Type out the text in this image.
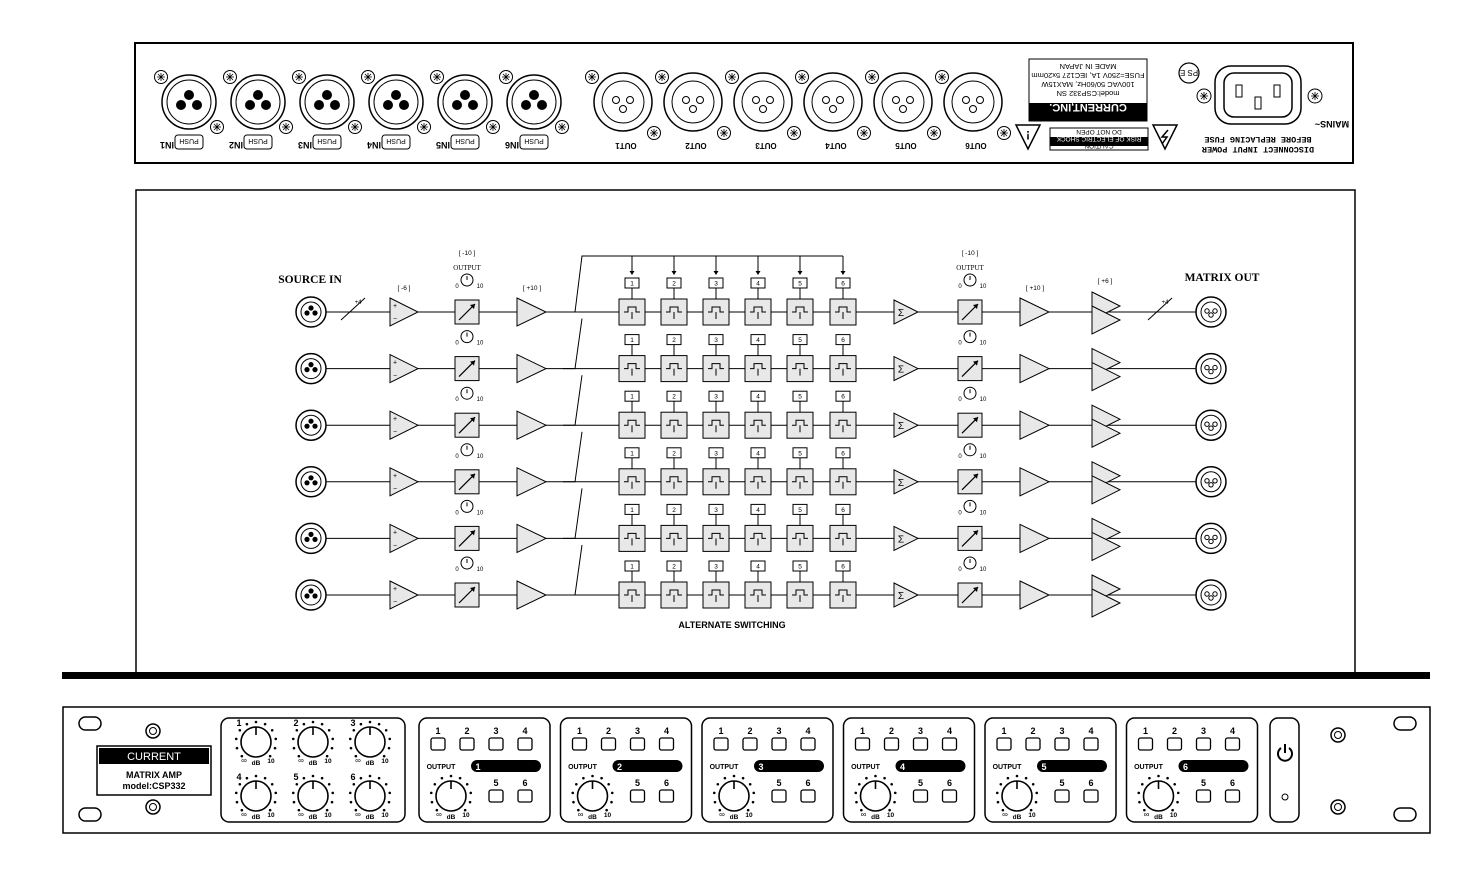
PUSH
IN1	PUSH
IN2	PUSH
IN3	PUSH
IN4	PUSH
IN5	PUSH
IN6	OUT1	OUT2	OUT3	OUT4	OUT5	OUT6
CURRENT,INC.
model:CSP332 SN
100VAC 50/60Hz, MAX15W
FUSE=250V 1A, IEC127 5x20mm
MADE IN JAPAN
CAUTION
RISK OF ELECTRIC SHOCK
DO NOT OPEN
!
PS E
MAINS~
DISCONNECT INPUT POWER
BEFORE REPLACING FUSE
SOURCE IN	MATRIX OUT
[ -6 ]
[ -10 ]
OUTPUT
[ +10 ]
[ -10 ]
OUTPUT
[ +10 ]
[ +6 ]
ALTERNATE SWITCHING
+4	+
−
0	10	1	2	3	4	5	6
Σ
0	10
+4
+
−
0	10	1	2	3	4	5	6
Σ
0	10
+
−
0	10	1	2	3	4	5	6
Σ
0	10
+
−
0	10	1	2	3	4	5	6
Σ
0	10
+
−
0	10	1	2	3	4	5	6
Σ
0	10
+
−
0	10	1	2	3	4	5	6
Σ
0	10
CURRENT
MATRIX AMP
model:CSP332
1
∞ dB 10
2
∞ dB 10
3
∞ dB 10
4
∞ dB 10
5
∞ dB 10
6
∞ dB 10
1	2	3	4
OUTPUT 1
5	6
∞ dB 10
1	2	3	4
OUTPUT 2
5	6
∞ dB 10
1	2	3	4
OUTPUT 3
5	6
∞ dB 10
1	2	3	4
OUTPUT 4
5	6
∞ dB 10
1	2	3	4
OUTPUT 5
5	6
∞ dB 10
1	2	3	4
OUTPUT 6
5	6
∞ dB 10
